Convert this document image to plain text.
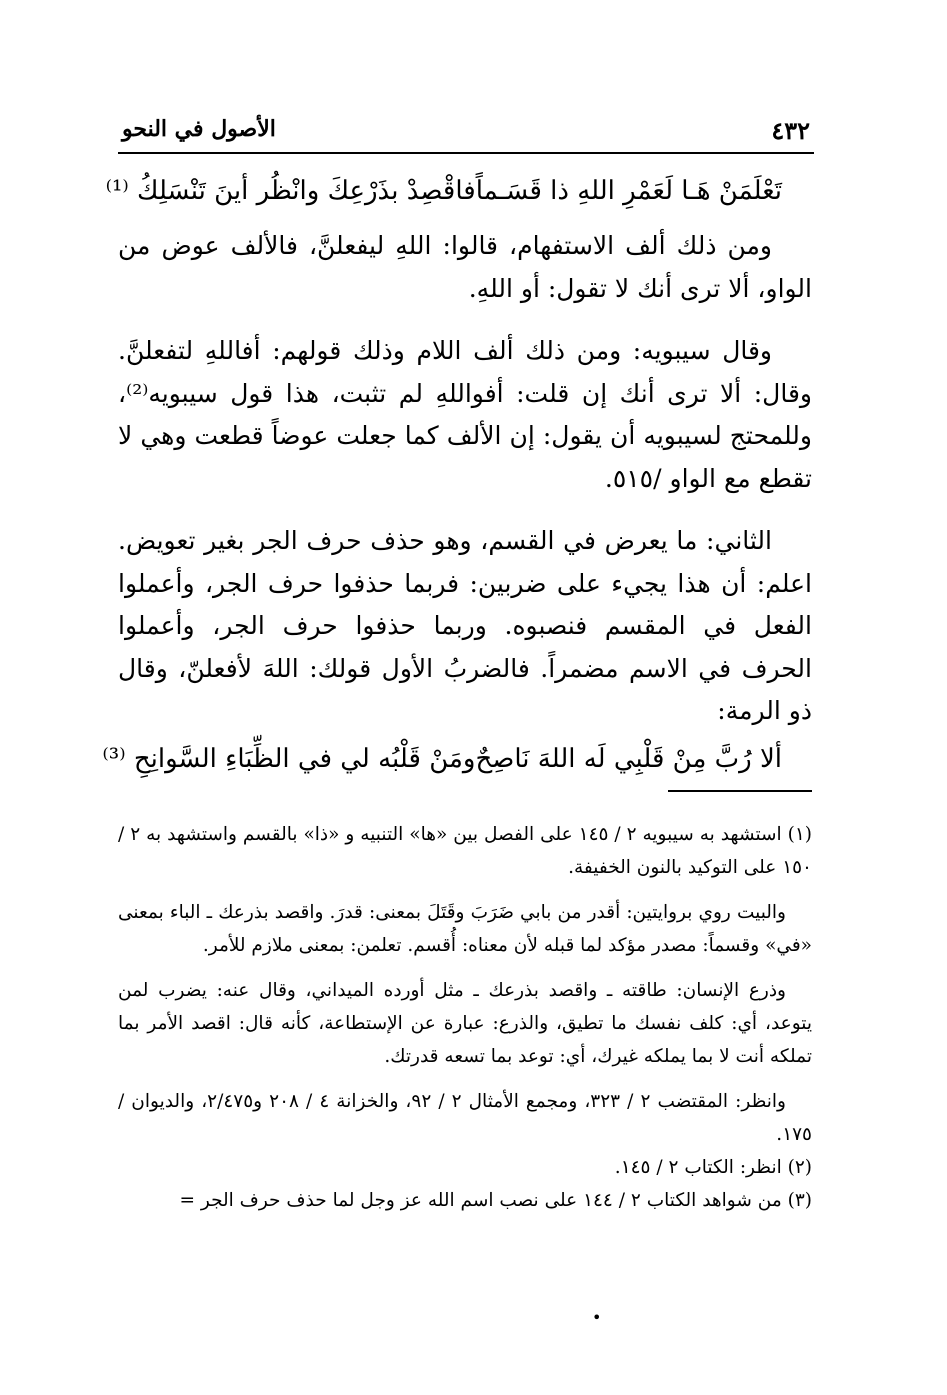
٤٣٢
الأصول في النحو
تَعْلَمَنْ هَـا لَعَمْرِ اللهِ ذا قَسَـماً
فاقْصِدْ بذَرْعِكَ وانْظُر أينَ تَنْسَلِكُ ⁽¹⁾

ومن ذلك ألف الاستفهام، قالوا: اللهِ ليفعلنَّ، فالألف عوض من الواو، ألا ترى أنك لا تقول: أو اللهِ.

وقال سيبويه: ومن ذلك ألف اللام وذلك قولهم: أفاللهِ لتفعلنَّ. وقال: ألا ترى أنك إن قلت: أفواللهِ لم تثبت، هذا قول سيبويه⁽²⁾، وللمحتج لسيبويه أن يقول: إن الألف كما جعلت عوضاً قطعت وهي لا تقطع مع الواو /٥١٥.

الثاني: ما يعرض في القسم، وهو حذف حرف الجر بغير تعويض. اعلم: أن هذا يجيء على ضربين: فربما حذفوا حرف الجر، وأعملوا الفعل في المقسم فنصبوه. وربما حذفوا حرف الجر، وأعملوا الحرف في الاسم مضمراً. فالضربُ الأول قولك: اللهَ لأفعلنّ، وقال ذو الرمة:

ألا رُبَّ مِنْ قَلْبِي لَه اللهَ نَاصِحٌ
ومَنْ قَلْبُه لي في الظِّبَاءِ السَّوانِحِ ⁽³⁾

(١) استشهد به سيبويه ٢ / ١٤٥ على الفصل بين «ها» التنبيه و «ذا» بالقسم واستشهد به ٢ / ١٥٠ على التوكيد بالنون الخفيفة.

والبيت روي بروايتين: أقدر من بابي ضَرَبَ وقَتَلَ بمعنى: قدرَ. واقصد بذرعك ـ الباء بمعنى «في» وقسماً: مصدر مؤكد لما قبله لأن معناه: أُقسم. تعلمن: بمعنى ملازم للأمر.

وذرع الإنسان: طاقته ـ واقصد بذرعك ـ مثل أورده الميداني، وقال عنه: يضرب لمن يتوعد، أي: كلف نفسك ما تطيق، والذرع: عبارة عن الإستطاعة، كأنه قال: اقصد الأمر بما تملكه أنت لا بما يملكه غيرك، أي: توعد بما تسعه قدرتك.

وانظر: المقتضب ٢ / ٣٢٣، ومجمع الأمثال ٢ / ٩٢، والخزانة ٤ / ٢٠٨ و٢/٤٧٥، والديوان / ١٧٥.

(٢) انظر: الكتاب ٢ / ١٤٥.

(٣) من شواهد الكتاب ٢ / ١٤٤ على نصب اسم الله عز وجل لما حذف حرف الجر =

•
